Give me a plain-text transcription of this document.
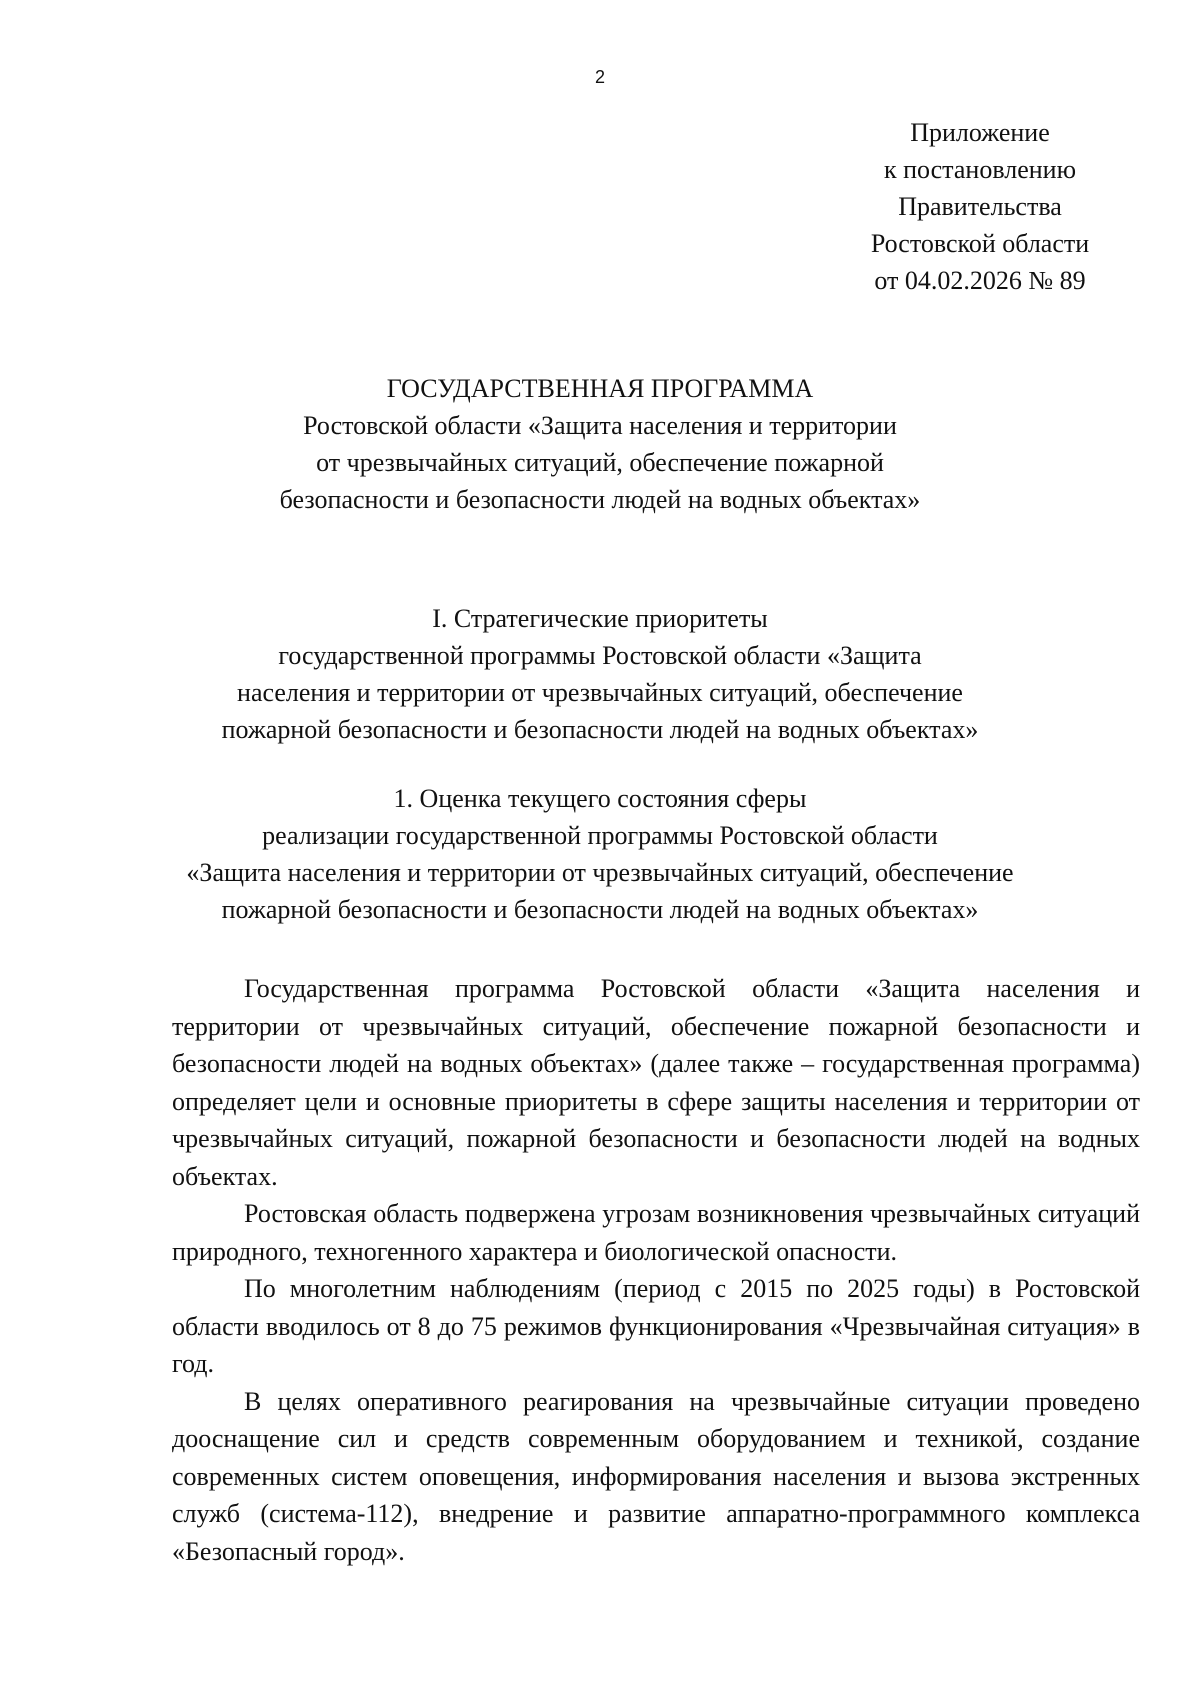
2
Приложение
к постановлению
Правительства
Ростовской области
от 04.02.2026 № 89
ГОСУДАРСТВЕННАЯ ПРОГРАММА
Ростовской области «Защита населения и территории
от чрезвычайных ситуаций, обеспечение пожарной
безопасности и безопасности людей на водных объектах»
I. Стратегические приоритеты
государственной программы Ростовской области «Защита
населения и территории от чрезвычайных ситуаций, обеспечение
пожарной безопасности и безопасности людей на водных объектах»
1. Оценка текущего состояния сферы
реализации государственной программы Ростовской области
«Защита населения и территории от чрезвычайных ситуаций, обеспечение
пожарной безопасности и безопасности людей на водных объектах»

Государственная программа Ростовской области «Защита населения и территории от чрезвычайных ситуаций, обеспечение пожарной безопасности и безопасности людей на водных объектах» (далее также – государственная программа) определяет цели и основные приоритеты в сфере защиты населения и территории от чрезвычайных ситуаций, пожарной безопасности и безопасности людей на водных объектах.

Ростовская область подвержена угрозам возникновения чрезвычайных ситуаций природного, техногенного характера и биологической опасности.

По многолетним наблюдениям (период с 2015 по 2025 годы) в Ростовской области вводилось от 8 до 75 режимов функционирования «Чрезвычайная ситуация» в год.

В целях оперативного реагирования на чрезвычайные ситуации проведено дооснащение сил и средств современным оборудованием и техникой, создание современных систем оповещения, информирования населения и вызова экстренных служб (система-112), внедрение и развитие аппаратно-программного комплекса «Безопасный город».
